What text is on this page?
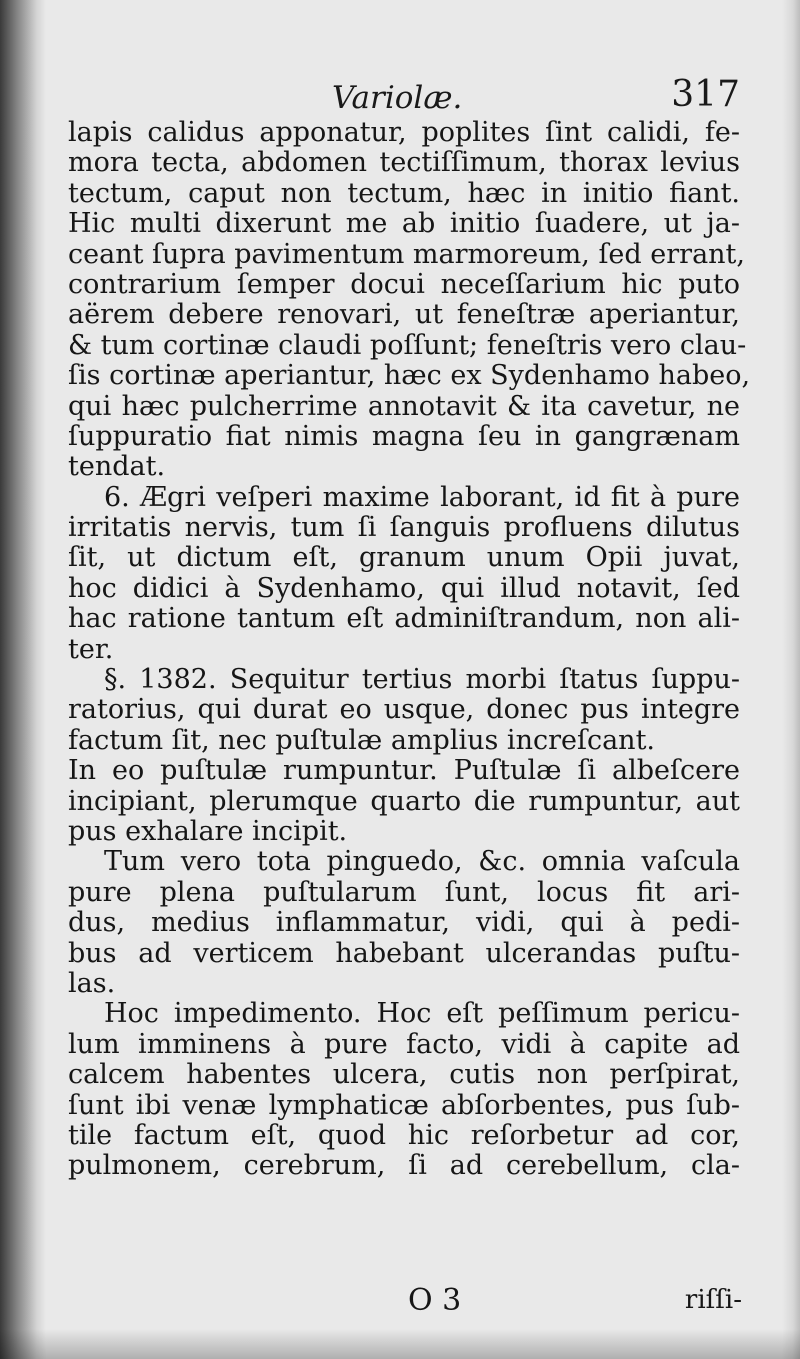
Variolæ.	317
lapis calidus apponatur, poplites ſint calidi, fe-
mora tecta, abdomen tectiſſimum, thorax levius
tectum, caput non tectum, hæc in initio fiant.
Hic multi dixerunt me ab initio ſuadere, ut ja-
ceant ſupra pavimentum marmoreum, ſed errant,
contrarium ſemper docui neceſſarium hic puto
aërem debere renovari, ut feneſtræ aperiantur,
& tum cortinæ claudi poſſunt; feneſtris vero clau-
ſis cortinæ aperiantur, hæc ex Sydenhamo habeo,
qui hæc pulcherrime annotavit & ita cavetur, ne
ſuppuratio fiat nimis magna ſeu in gangrænam
tendat.
6. Ægri veſperi maxime laborant, id fit à pure
irritatis nervis, tum ſi ſanguis profluens dilutus
ſit, ut dictum eſt, granum unum Opii juvat,
hoc didici à Sydenhamo, qui illud notavit, ſed
hac ratione tantum eſt adminiſtrandum, non ali-
ter.
§. 1382. Sequitur tertius morbi ſtatus ſuppu-
ratorius, qui durat eo usque, donec pus integre
factum ſit, nec puſtulæ amplius increſcant.
In eo puſtulæ rumpuntur. Puſtulæ ſi albeſcere
incipiant, plerumque quarto die rumpuntur, aut
pus exhalare incipit.
Tum vero tota pinguedo, &c. omnia vaſcula
pure plena puſtularum ſunt, locus fit ari-
dus, medius inflammatur, vidi, qui à pedi-
bus ad verticem habebant ulcerandas puſtu-
las.
Hoc impedimento. Hoc eſt peſſimum pericu-
lum imminens à pure facto, vidi à capite ad
calcem habentes ulcera, cutis non perſpirat,
ſunt ibi venæ lymphaticæ abſorbentes, pus ſub-
tile factum eſt, quod hic reſorbetur ad cor,
pulmonem, cerebrum, ſi ad cerebellum, cla-
O 3	riſſi-
